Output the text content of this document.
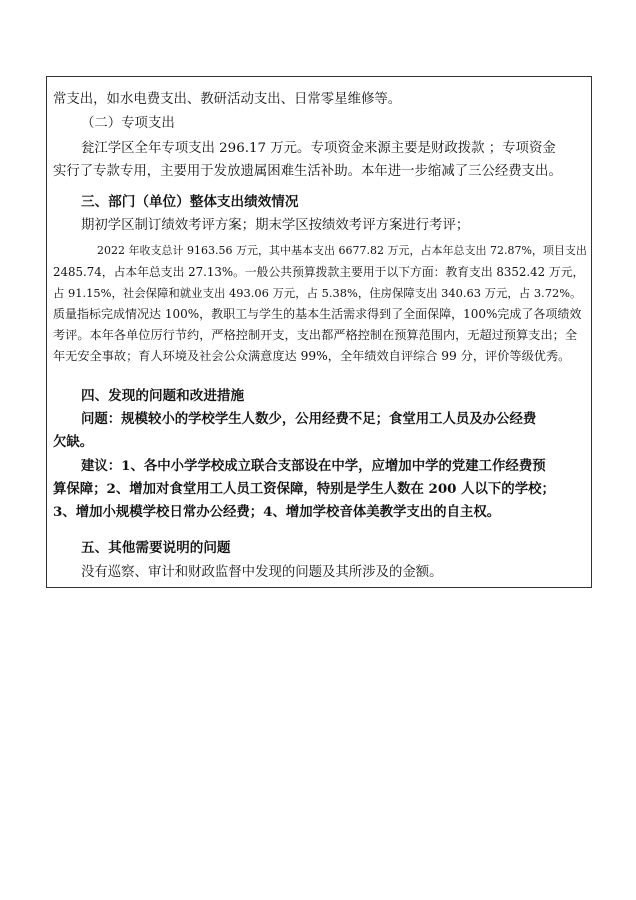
常支出，如水电费支出、教研活动支出、日常零星维修等。
（二）专项支出
瓮江学区全年专项支出 296.17 万元。专项资金来源主要是财政拨款 ；专项资金
实行了专款专用，主要用于发放遗属困难生活补助。本年进一步缩减了三公经费支出。
三、部门（单位）整体支出绩效情况
期初学区制订绩效考评方案；期末学区按绩效考评方案进行考评；
2022 年收支总计 9163.56 万元，其中基本支出 6677.82 万元，占本年总支出 72.87%，项目支出
2485.74，占本年总支出 27.13%。一般公共预算拨款主要用于以下方面：教育支出 8352.42 万元，
占 91.15%，社会保障和就业支出 493.06 万元，占 5.38%，住房保障支出 340.63 万元，占 3.72%。
质量指标完成情况达 100%，教职工与学生的基本生活需求得到了全面保障，100%完成了各项绩效
考评。本年各单位厉行节约，严格控制开支，支出都严格控制在预算范围内，无超过预算支出；全
年无安全事故；育人环境及社会公众满意度达 99%，全年绩效自评综合 99 分，评价等级优秀。
四、发现的问题和改进措施
问题：规模较小的学校学生人数少，公用经费不足；食堂用工人员及办公经费
欠缺。
建议：1、各中小学学校成立联合支部设在中学，应增加中学的党建工作经费预
算保障；2、增加对食堂用工人员工资保障，特别是学生人数在 200 人以下的学校；
3、增加小规模学校日常办公经费；4、增加学校音体美教学支出的自主权。
五、其他需要说明的问题
没有巡察、审计和财政监督中发现的问题及其所涉及的金额。
